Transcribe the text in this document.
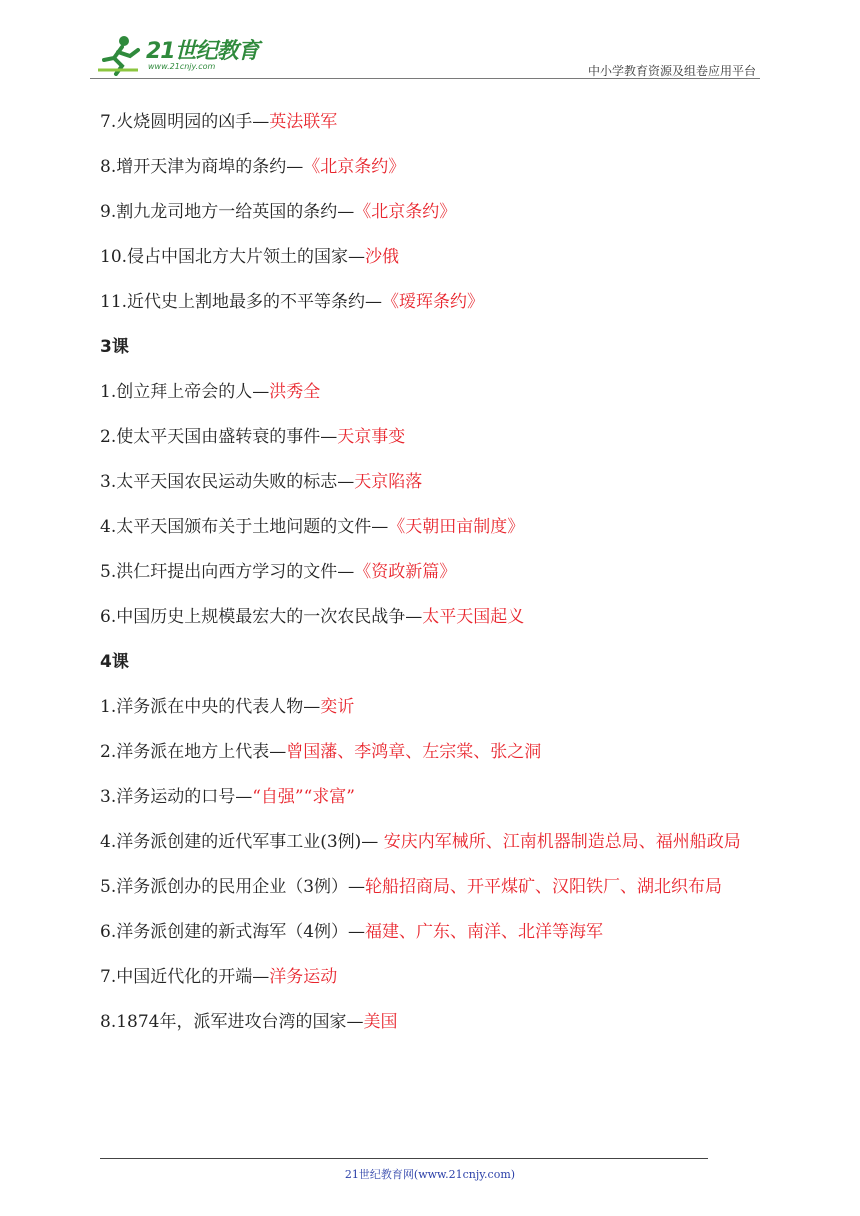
21世纪教育
www.21cnjy.com	中小学教育资源及组卷应用平台
7.火烧圆明园的凶手—英法联军
8.增开天津为商埠的条约—《北京条约》
9.割九龙司地方一给英国的条约—《北京条约》
10.侵占中国北方大片领土的国家—沙俄
11.近代史上割地最多的不平等条约—《瑷珲条约》
3课
1.创立拜上帝会的人—洪秀全
2.使太平天国由盛转衰的事件—天京事变
3.太平天国农民运动失败的标志—天京陷落
4.太平天国颁布关于土地问题的文件—《天朝田亩制度》
5.洪仁玕提出向西方学习的文件—《资政新篇》
6.中国历史上规模最宏大的一次农民战争—太平天国起义
4课
1.洋务派在中央的代表人物—奕䜣
2.洋务派在地方上代表—曾国藩、李鸿章、左宗棠、张之洞
3.洋务运动的口号—“自强”“求富”
4.洋务派创建的近代军事工业(3例)— 安庆内军械所、江南机器制造总局、福州船政局
5.洋务派创办的民用企业（3例）—轮船招商局、开平煤矿、汉阳铁厂、湖北织布局
6.洋务派创建的新式海军（4例）—福建、广东、南洋、北洋等海军
7.中国近代化的开端—洋务运动
8.1874年，派军进攻台湾的国家—美国
21世纪教育网(www.21cnjy.com)
